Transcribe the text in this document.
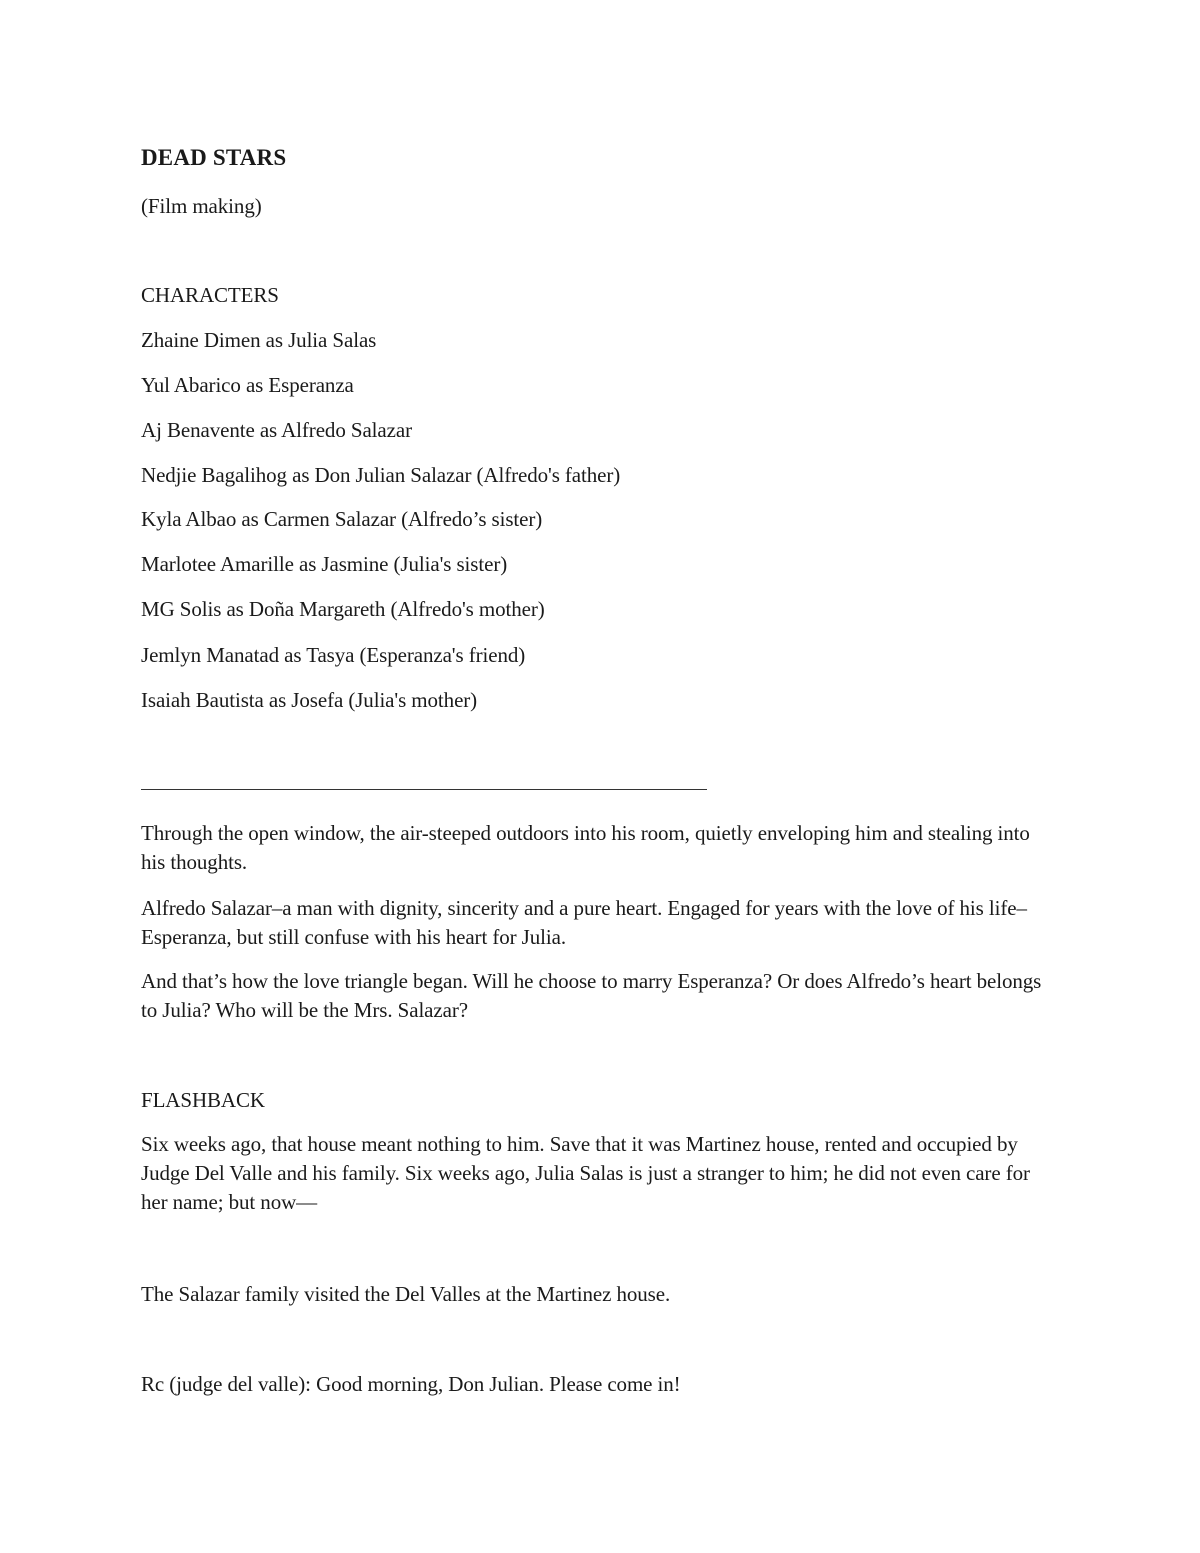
DEAD STARS
(Film making)
CHARACTERS
Zhaine Dimen as Julia Salas
Yul Abarico as Esperanza
Aj Benavente as Alfredo Salazar
Nedjie Bagalihog as Don Julian Salazar (Alfredo's father)
Kyla Albao as Carmen Salazar (Alfredo’s sister)
Marlotee Amarille as Jasmine (Julia's sister)
MG Solis as Doña Margareth (Alfredo's mother)
Jemlyn Manatad as Tasya (Esperanza's friend)
Isaiah Bautista as Josefa (Julia's mother)
Through the open window, the air-steeped outdoors into his room, quietly enveloping him and stealing into his thoughts.
Alfredo Salazar–a man with dignity, sincerity and a pure heart. Engaged for years with the love of his life–Esperanza, but still confuse with his heart for Julia.
And that’s how the love triangle began. Will he choose to marry Esperanza? Or does Alfredo’s heart belongs to Julia? Who will be the Mrs. Salazar?
FLASHBACK
Six weeks ago, that house meant nothing to him. Save that it was Martinez house, rented and occupied by Judge Del Valle and his family. Six weeks ago, Julia Salas is just a stranger to him; he did not even care for her name; but now—
The Salazar family visited the Del Valles at the Martinez house.
Rc (judge del valle): Good morning, Don Julian. Please come in!
